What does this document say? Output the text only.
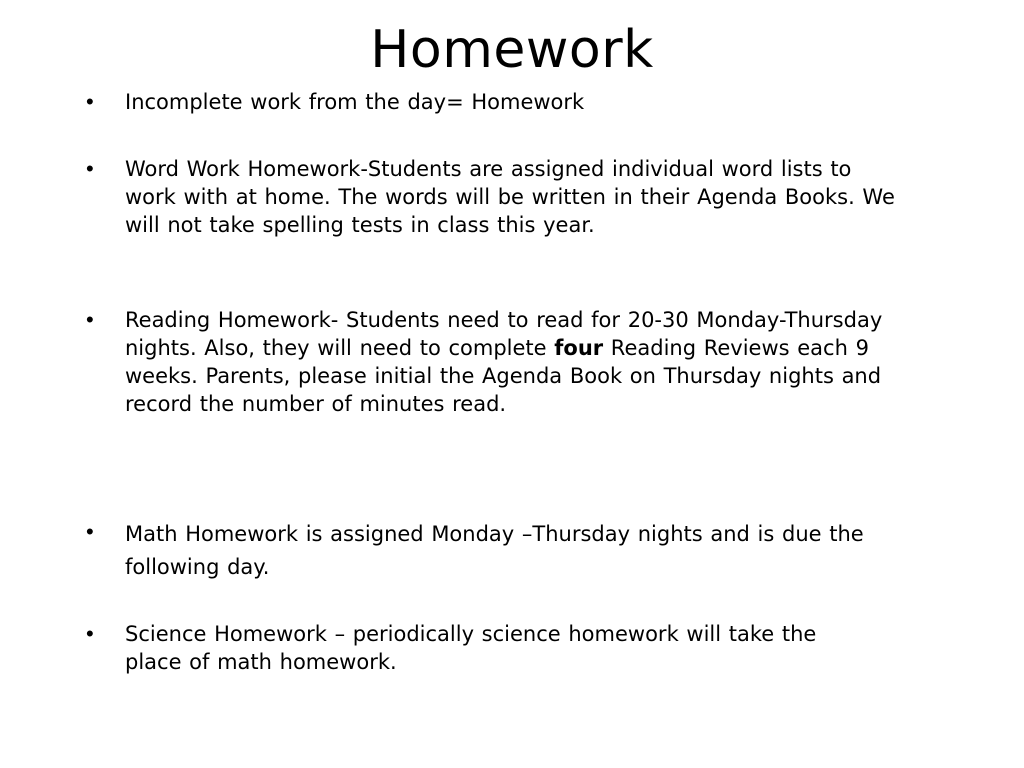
Homework
• Incomplete work from the day= Homework
• Word Work Homework-Students are assigned individual word lists to work with at home. The words will be written in their Agenda Books. We will not take spelling tests in class this year.
• Reading Homework- Students need to read for 20-30 Monday-Thursday nights. Also, they will need to complete four Reading Reviews each 9 weeks. Parents, please initial the Agenda Book on Thursday nights and record the number of minutes read.
• Math Homework is assigned Monday –Thursday nights and is due the following day.
• Science Homework – periodically science homework will take the place of math homework.
